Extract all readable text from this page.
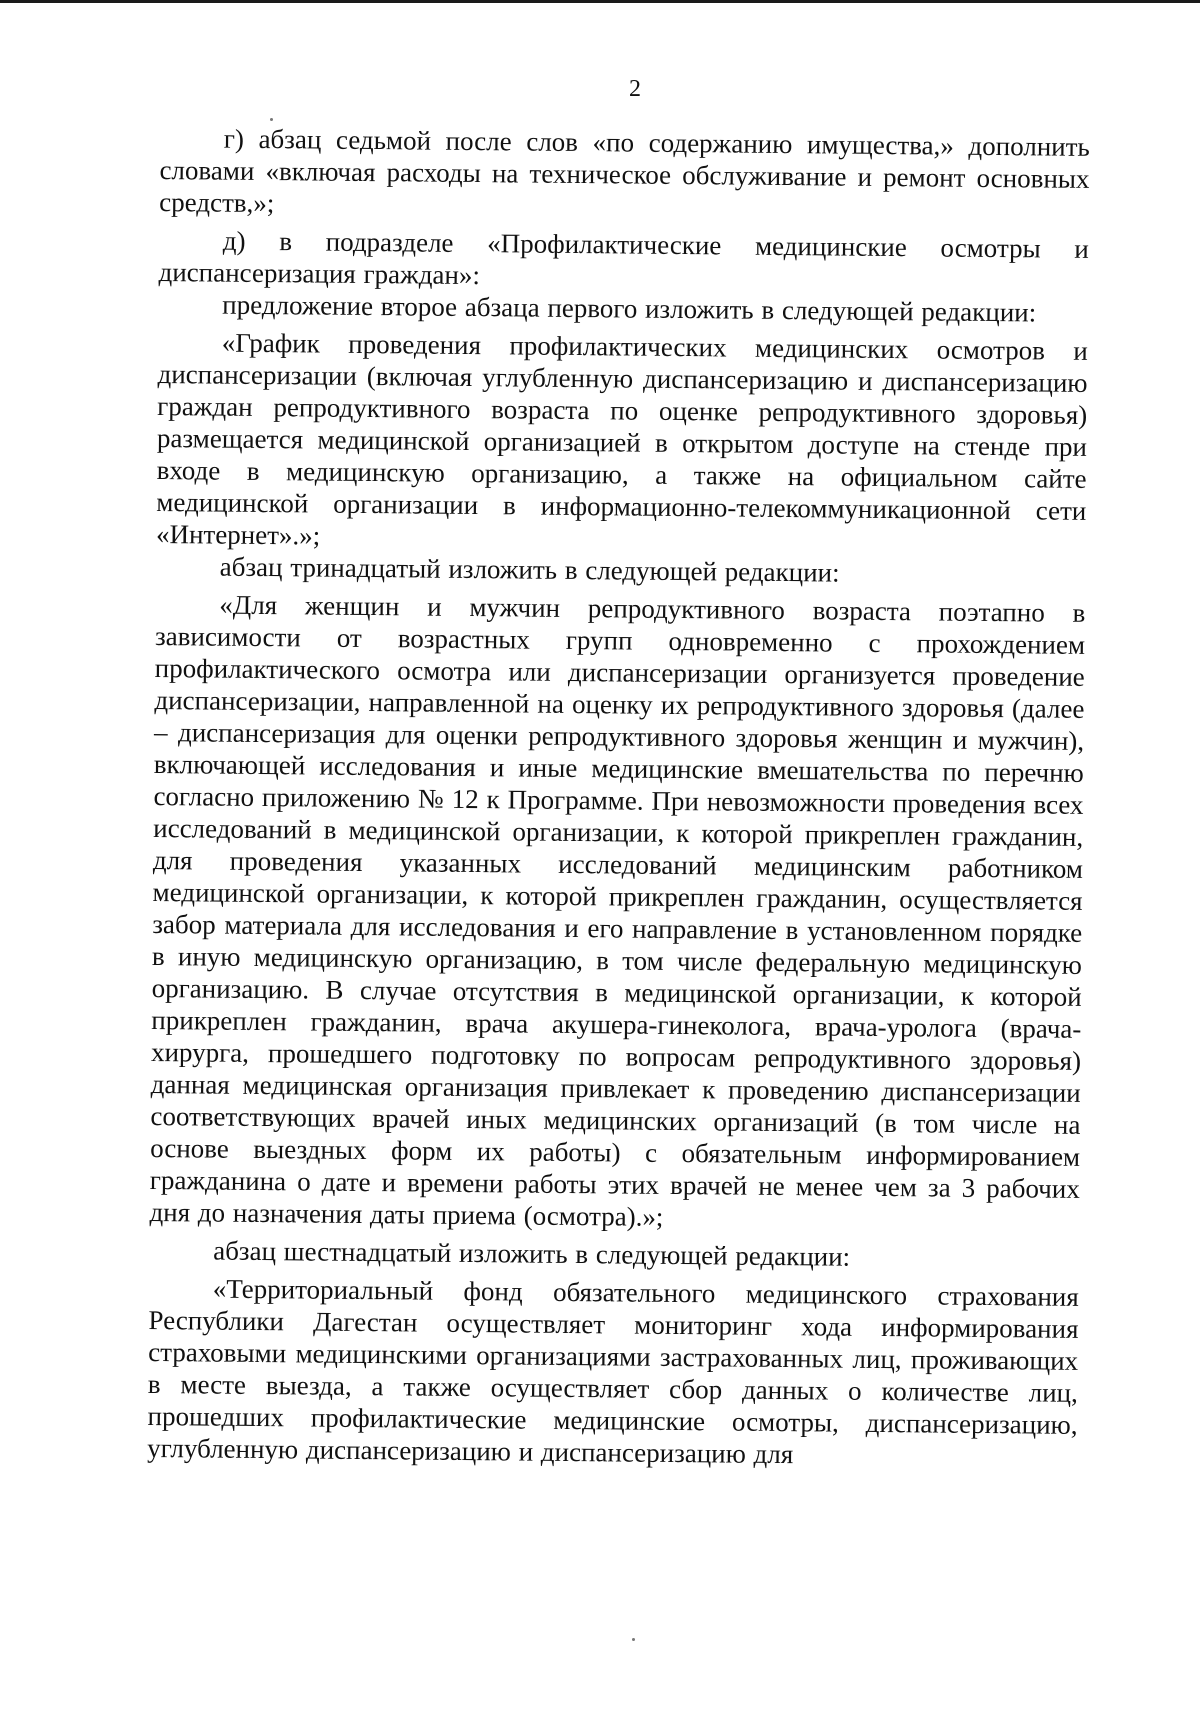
2

г) абзац седьмой после слов «по содержанию имущества,» дополнить словами «включая расходы на техническое обслуживание и ремонт основных средств,»;

д) в подразделе «Профилактические медицинские осмотры и диспансеризация граждан»:

предложение второе абзаца первого изложить в следующей редакции:

«График проведения профилактических медицинских осмотров и диспансеризации (включая углубленную диспансеризацию и диспансеризацию граждан репродуктивного возраста по оценке репродуктивного здоровья) размещается медицинской организацией в открытом доступе на стенде при входе в медицинскую организацию, а также на официальном сайте медицинской организации в информационно-телекоммуникационной сети «Интернет».»;

абзац тринадцатый изложить в следующей редакции:

«Для женщин и мужчин репродуктивного возраста поэтапно в зависимости от возрастных групп одновременно с прохождением профилактического осмотра или диспансеризации организуется проведение диспансеризации, направленной на оценку их репродуктивного здоровья (далее – диспансеризация для оценки репродуктивного здоровья женщин и мужчин), включающей исследования и иные медицинские вмешательства по перечню согласно приложению № 12 к Программе. При невозможности проведения всех исследований в медицинской организации, к которой прикреплен гражданин, для проведения указанных исследований медицинским работником медицинской организации, к которой прикреплен гражданин, осуществляется забор материала для исследования и его направление в установленном порядке в иную медицинскую организацию, в том числе федеральную медицинскую организацию. В случае отсутствия в медицинской организации, к которой прикреплен гражданин, врача акушера-гинеколога, врача-уролога (врача-хирурга, прошедшего подготовку по вопросам репродуктивного здоровья) данная медицинская организация привлекает к проведению диспансеризации соответствующих врачей иных медицинских организаций (в том числе на основе выездных форм их работы) с обязательным информированием гражданина о дате и времени работы этих врачей не менее чем за 3 рабочих дня до назначения даты приема (осмотра).»;

абзац шестнадцатый изложить в следующей редакции:

«Территориальный фонд обязательного медицинского страхования Республики Дагестан осуществляет мониторинг хода информирования страховыми медицинскими организациями застрахованных лиц, проживающих в месте выезда, а также осуществляет сбор данных о количестве лиц, прошедших профилактические медицинские осмотры, диспансеризацию, углубленную диспансеризацию и диспансеризацию для
